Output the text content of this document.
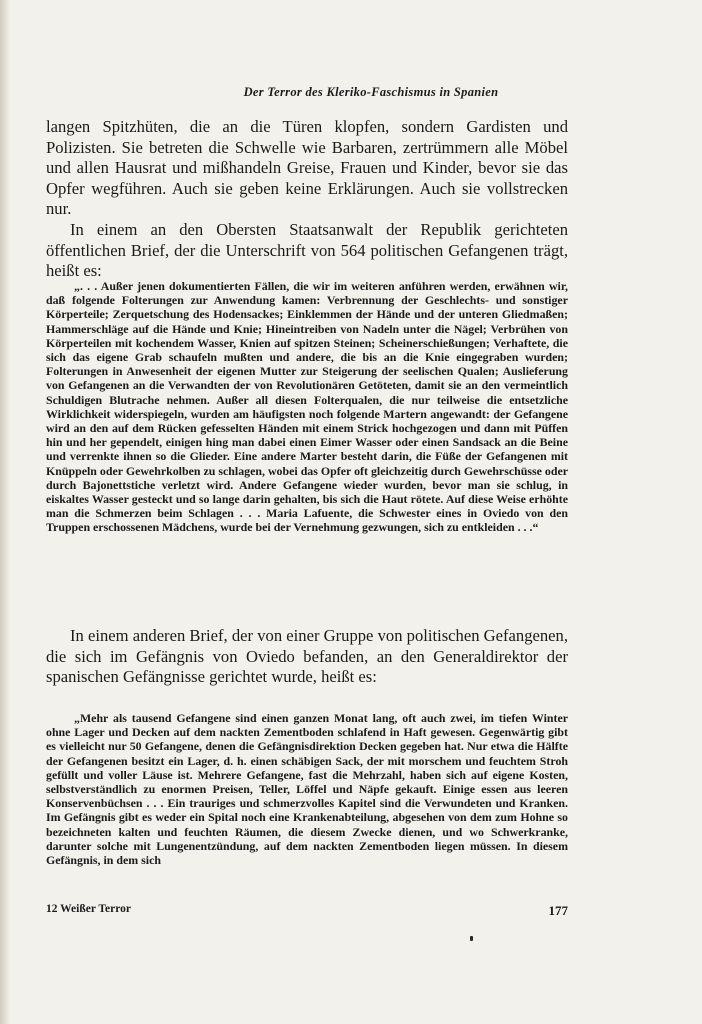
Der Terror des Kleriko-Faschismus in Spanien

langen Spitzhüten, die an die Türen klopfen, sondern Gardisten und Polizisten. Sie betreten die Schwelle wie Barbaren, zertrümmern alle Möbel und allen Hausrat und mißhandeln Greise, Frauen und Kinder, bevor sie das Opfer wegführen. Auch sie geben keine Erklärungen. Auch sie vollstrecken nur.

In einem an den Obersten Staatsanwalt der Republik gerichteten öffentlichen Brief, der die Unterschrift von 564 politischen Gefangenen trägt, heißt es:

„. . . Außer jenen dokumentierten Fällen, die wir im weiteren anführen werden, erwähnen wir, daß folgende Folterungen zur Anwendung kamen: Verbrennung der Geschlechts- und sonstiger Körperteile; Zerquetschung des Hodensackes; Einklemmen der Hände und der unteren Gliedmaßen; Hammerschläge auf die Hände und Knie; Hineintreiben von Nadeln unter die Nägel; Verbrühen von Körperteilen mit kochendem Wasser, Knien auf spitzen Steinen; Scheinerschießungen; Verhaftete, die sich das eigene Grab schaufeln mußten und andere, die bis an die Knie eingegraben wurden; Folterungen in Anwesenheit der eigenen Mutter zur Steigerung der seelischen Qualen; Auslieferung von Gefangenen an die Verwandten der von Revolutionären Getöteten, damit sie an den vermeintlich Schuldigen Blutrache nehmen. Außer all diesen Folterqualen, die nur teilweise die entsetzliche Wirklichkeit widerspiegeln, wurden am häufigsten noch folgende Martern angewandt: der Gefangene wird an den auf dem Rücken gefesselten Händen mit einem Strick hochgezogen und dann mit Püffen hin und her gependelt, einigen hing man dabei einen Eimer Wasser oder einen Sandsack an die Beine und verrenkte ihnen so die Glieder. Eine andere Marter besteht darin, die Füße der Gefangenen mit Knüppeln oder Gewehrkolben zu schlagen, wobei das Opfer oft gleichzeitig durch Gewehrschüsse oder durch Bajonettstiche verletzt wird. Andere Gefangene wieder wurden, bevor man sie schlug, in eiskaltes Wasser gesteckt und so lange darin gehalten, bis sich die Haut rötete. Auf diese Weise erhöhte man die Schmerzen beim Schlagen . . . Maria Lafuente, die Schwester eines in Oviedo von den Truppen erschossenen Mädchens, wurde bei der Vernehmung gezwungen, sich zu entkleiden . . .“

In einem anderen Brief, der von einer Gruppe von politischen Gefangenen, die sich im Gefängnis von Oviedo befanden, an den Generaldirektor der spanischen Gefängnisse gerichtet wurde, heißt es:

„Mehr als tausend Gefangene sind einen ganzen Monat lang, oft auch zwei, im tiefen Winter ohne Lager und Decken auf dem nackten Zementboden schlafend in Haft gewesen. Gegenwärtig gibt es vielleicht nur 50 Gefangene, denen die Gefängnisdirektion Decken gegeben hat. Nur etwa die Hälfte der Gefangenen besitzt ein Lager, d. h. einen schäbigen Sack, der mit morschem und feuchtem Stroh gefüllt und voller Läuse ist. Mehrere Gefangene, fast die Mehrzahl, haben sich auf eigene Kosten, selbstverständlich zu enormen Preisen, Teller, Löffel und Näpfe gekauft. Einige essen aus leeren Konservenbüchsen . . . Ein trauriges und schmerzvolles Kapitel sind die Verwundeten und Kranken. Im Gefängnis gibt es weder ein Spital noch eine Krankenabteilung, abgesehen von dem zum Hohne so bezeichneten kalten und feuchten Räumen, die diesem Zwecke dienen, und wo Schwerkranke, darunter solche mit Lungenentzündung, auf dem nackten Zementboden liegen müssen. In diesem Gefängnis, in dem sich

12 Weißer Terror	177
